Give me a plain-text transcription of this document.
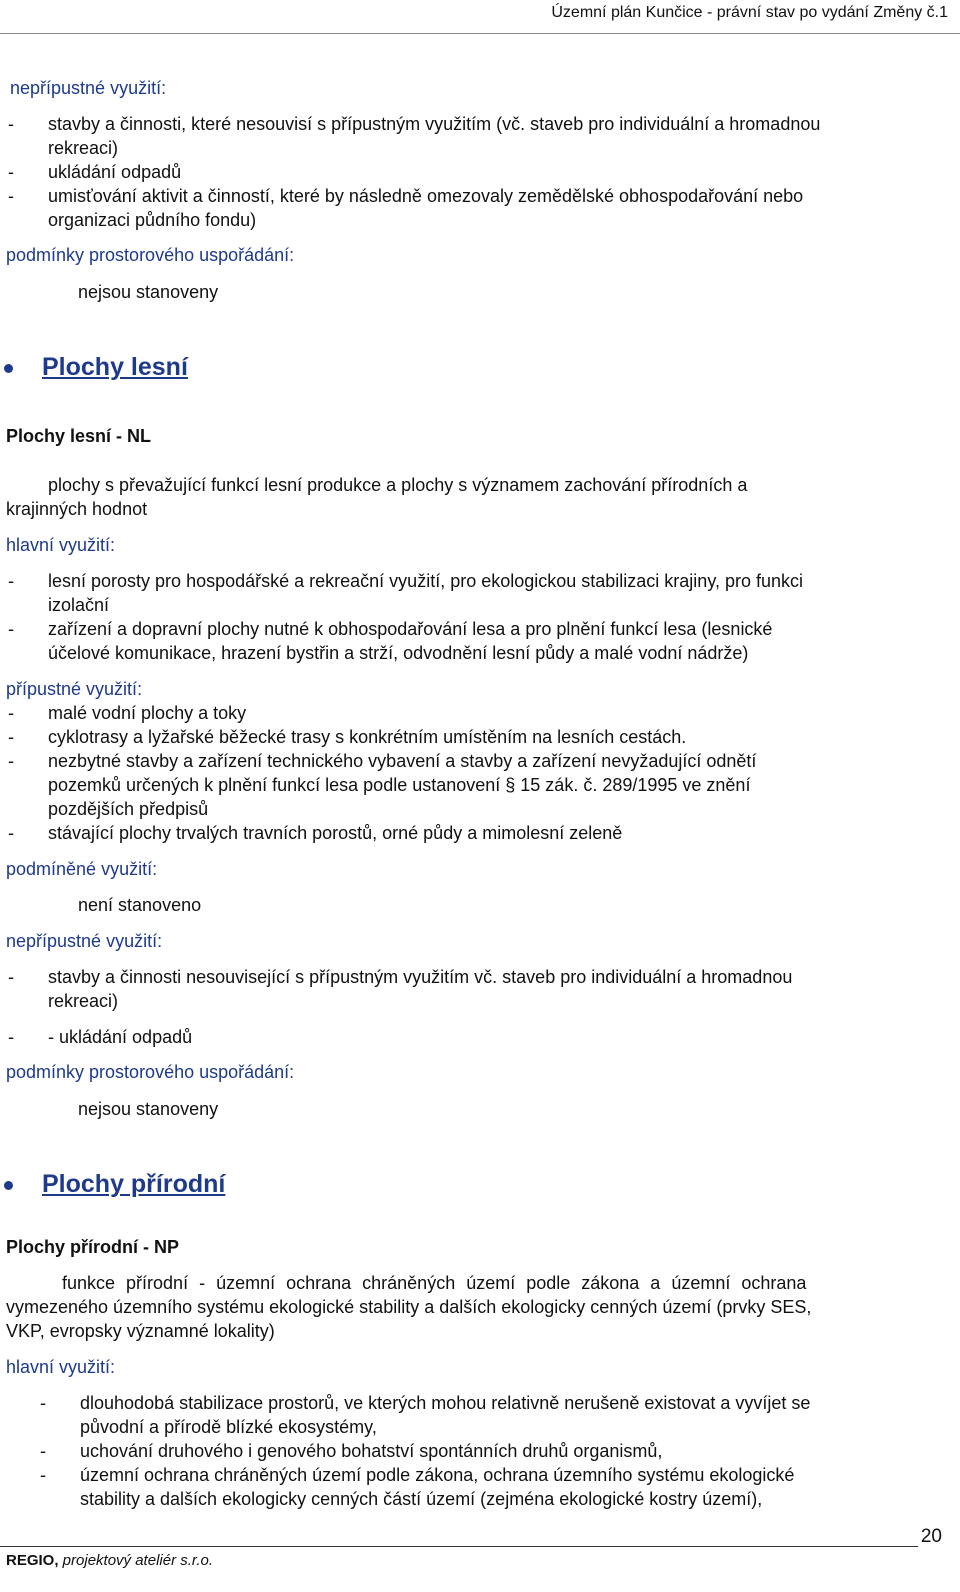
Územní plán Kunčice - právní stav po vydání Změny č.1
nepřípustné využití:
- stavby a činnosti, které nesouvisí s přípustným využitím (vč. staveb pro individuální a hromadnou
rekreaci)
- ukládání odpadů
- umisťování aktivit a činností, které by následně omezovaly zemědělské obhospodařování nebo
organizaci půdního fondu)
podmínky prostorového uspořádání:
nejsou stanoveny
Plochy lesní
Plochy lesní - NL
plochy s převažující funkcí lesní produkce a plochy s významem zachování přírodních a
krajinných hodnot
hlavní využití:
- lesní porosty pro hospodářské a rekreační využití, pro ekologickou stabilizaci krajiny, pro funkci
izolační
- zařízení a dopravní plochy nutné k obhospodařování lesa a pro plnění funkcí lesa (lesnické
účelové komunikace, hrazení bystřin a strží, odvodnění lesní půdy a malé vodní nádrže)
přípustné využití:
- malé vodní plochy a toky
- cyklotrasy a lyžařské běžecké trasy s konkrétním umístěním na lesních cestách.
- nezbytné stavby a zařízení technického vybavení a stavby a zařízení nevyžadující odnětí
pozemků určených k plnění funkcí lesa podle ustanovení § 15 zák. č. 289/1995 ve znění
pozdějších předpisů
- stávající plochy trvalých travních porostů, orné půdy a mimolesní zeleně
podmíněné využití:
není stanoveno
nepřípustné využití:
- stavby a činnosti nesouvisející s přípustným využitím vč. staveb pro individuální a hromadnou
rekreaci)
- - ukládání odpadů
podmínky prostorového uspořádání:
nejsou stanoveny
Plochy přírodní
Plochy přírodní - NP
funkce přírodní - územní ochrana chráněných území podle zákona a územní ochrana
vymezeného územního systému ekologické stability a dalších ekologicky cenných území (prvky SES,
VKP, evropsky významné lokality)
hlavní využití:
- dlouhodobá stabilizace prostorů, ve kterých mohou relativně nerušeně existovat a vyvíjet se
původní a přírodě blízké ekosystémy,
- uchování druhového i genového bohatství spontánních druhů organismů,
- územní ochrana chráněných území podle zákona, ochrana územního systému ekologické
stability a dalších ekologicky cenných částí území (zejména ekologické kostry území),
20
REGIO, projektový ateliér s.r.o.
